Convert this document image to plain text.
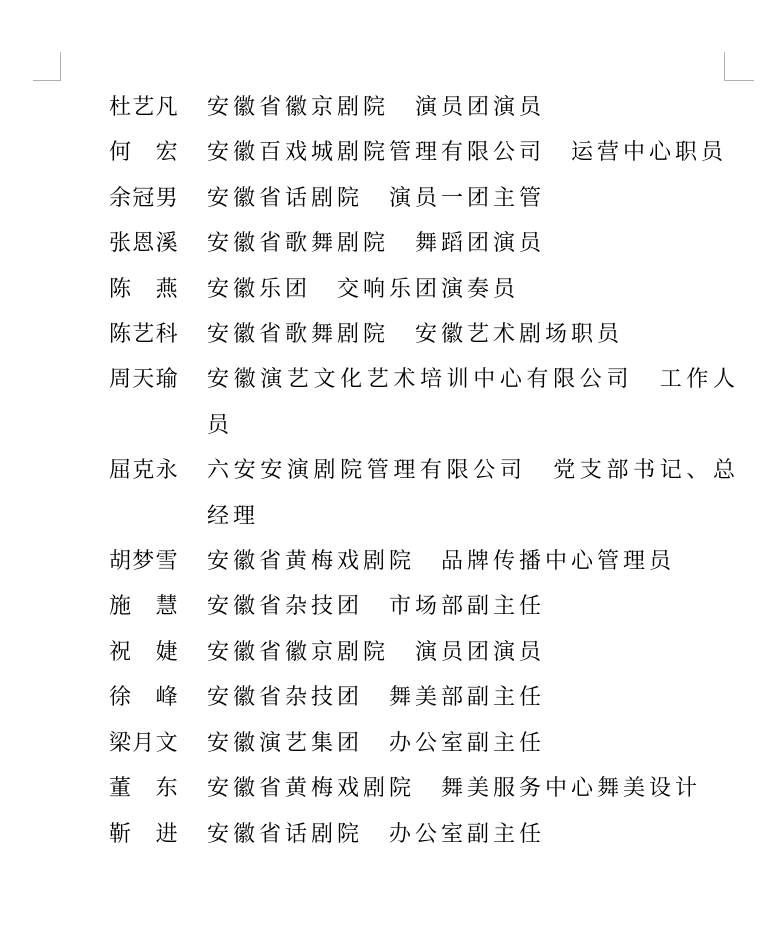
杜艺凡	安徽省徽京剧院　 演员团演员
何　宏	安徽百戏城剧院管理有限公司　 运营中心职员
余冠男	安徽省话剧院　 演员一团主管
张恩溪	安徽省歌舞剧院　 舞蹈团演员
陈　燕	安徽乐团　 交响乐团演奏员
陈艺科	安徽省歌舞剧院　 安徽艺术剧场职员
周天瑜	安徽演艺文化艺术培训中心有限公司　 工作人员
屈克永	六安安演剧院管理有限公司　 党支部书记、总经理
胡梦雪	安徽省黄梅戏剧院　 品牌传播中心管理员
施　慧	安徽省杂技团　 市场部副主任
祝　婕	安徽省徽京剧院　 演员团演员
徐　峰	安徽省杂技团　 舞美部副主任
梁月文	安徽演艺集团　 办公室副主任
董　东	安徽省黄梅戏剧院　 舞美服务中心舞美设计
靳　进	安徽省话剧院　 办公室副主任
